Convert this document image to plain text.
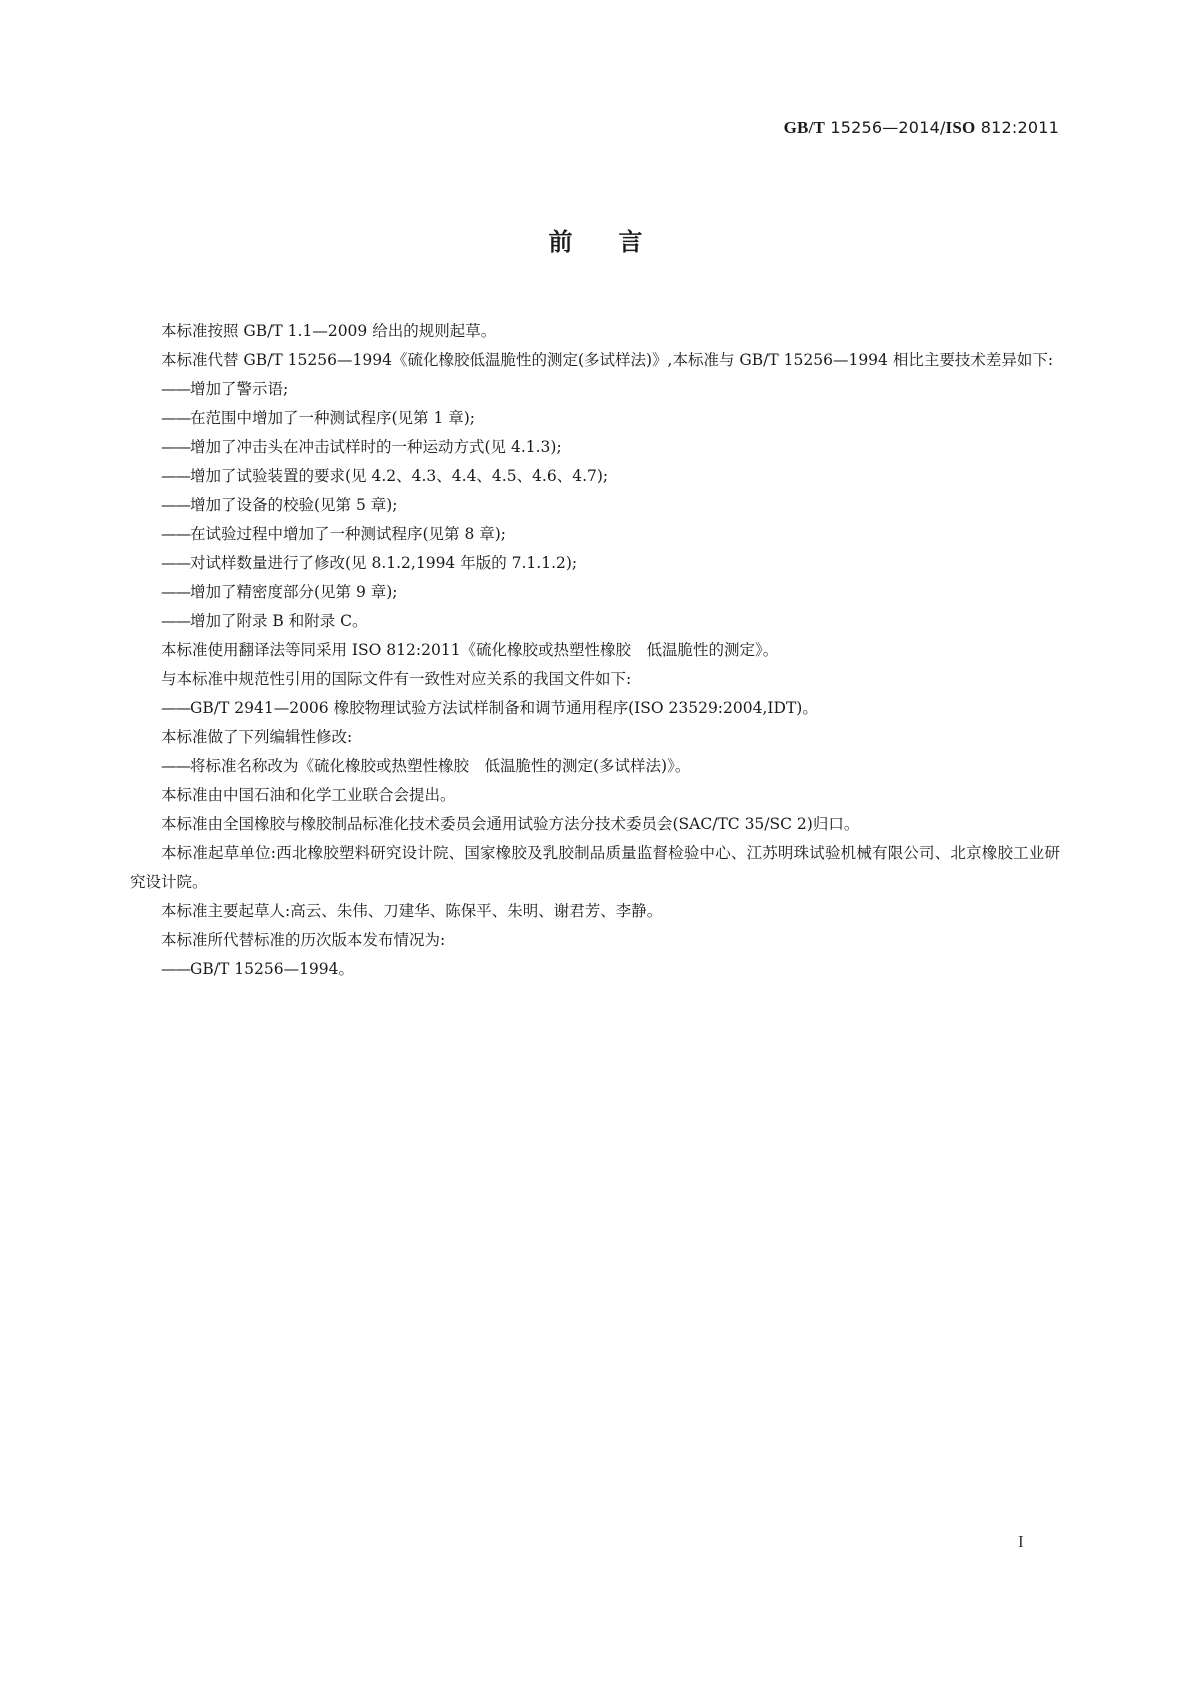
GB/T 15256—2014/ISO 812:2011
前言

本标准按照 GB/T 1.1—2009 给出的规则起草。

本标准代替 GB/T 15256—1994《硫化橡胶低温脆性的测定(多试样法)》,本标准与 GB/T 15256—1994 相比主要技术差异如下:

——增加了警示语;

——在范围中增加了一种测试程序(见第 1 章);

——增加了冲击头在冲击试样时的一种运动方式(见 4.1.3);

——增加了试验装置的要求(见 4.2、4.3、4.4、4.5、4.6、4.7);

——增加了设备的校验(见第 5 章);

——在试验过程中增加了一种测试程序(见第 8 章);

——对试样数量进行了修改(见 8.1.2,1994 年版的 7.1.1.2);

——增加了精密度部分(见第 9 章);

——增加了附录 B 和附录 C。

本标准使用翻译法等同采用 ISO 812:2011《硫化橡胶或热塑性橡胶　低温脆性的测定》。

与本标准中规范性引用的国际文件有一致性对应关系的我国文件如下:

——GB/T 2941—2006 橡胶物理试验方法试样制备和调节通用程序(ISO 23529:2004,IDT)。

本标准做了下列编辑性修改:

——将标准名称改为《硫化橡胶或热塑性橡胶　低温脆性的测定(多试样法)》。

本标准由中国石油和化学工业联合会提出。

本标准由全国橡胶与橡胶制品标准化技术委员会通用试验方法分技术委员会(SAC/TC 35/SC 2)归口。

本标准起草单位:西北橡胶塑料研究设计院、国家橡胶及乳胶制品质量监督检验中心、江苏明珠试验机械有限公司、北京橡胶工业研究设计院。

本标准主要起草人:高云、朱伟、刀建华、陈保平、朱明、谢君芳、李静。

本标准所代替标准的历次版本发布情况为:

——GB/T 15256—1994。

I
